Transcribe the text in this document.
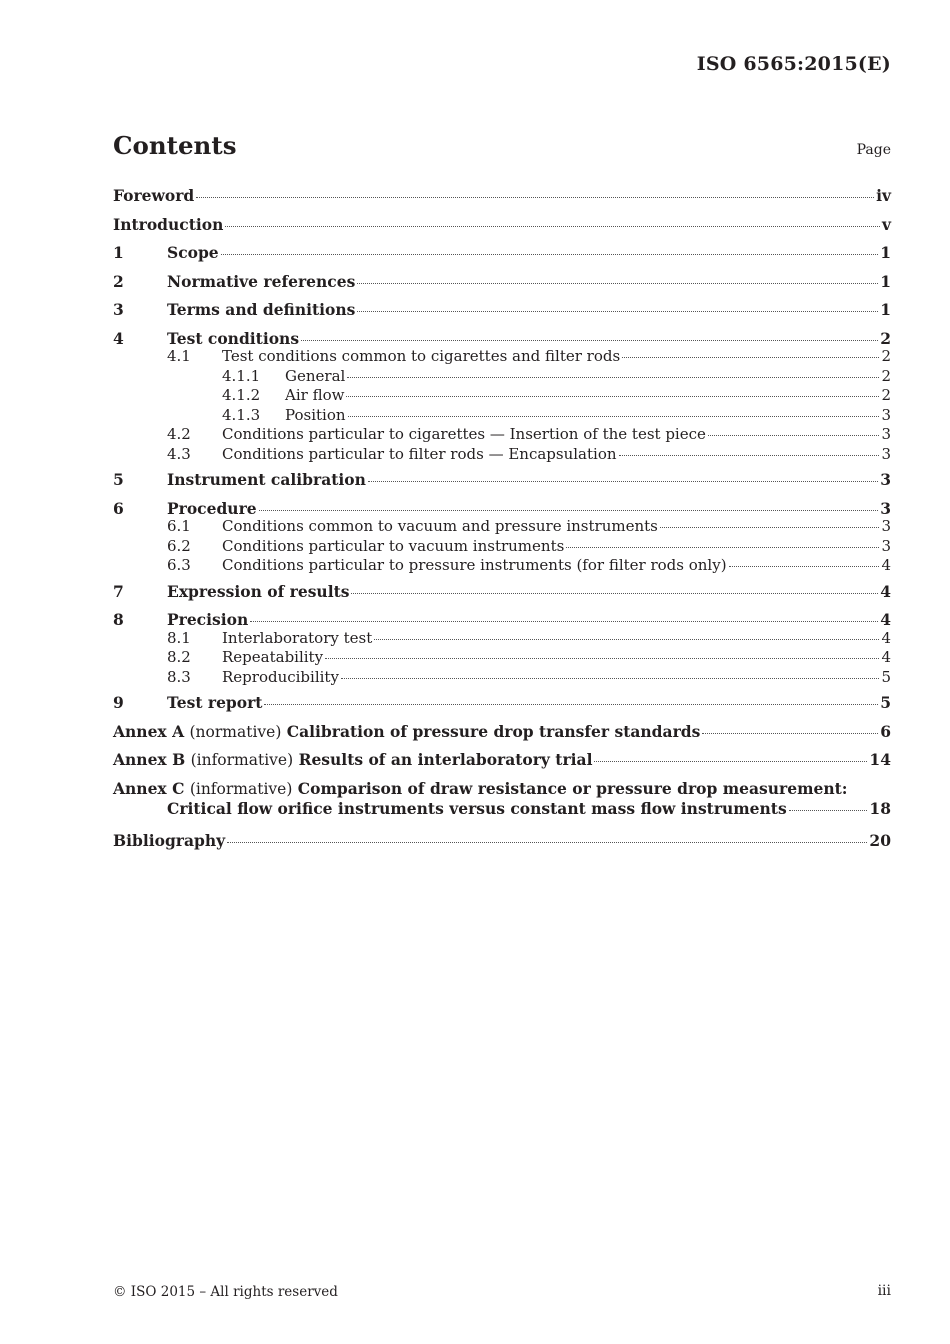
ISO 6565:2015(E)
Contents	Page
Foreword	iv
Introduction	v
1	Scope	1
2	Normative references	1
3	Terms and definitions	1
4	Test conditions	2
4.1	Test conditions common to cigarettes and filter rods	2
4.1.1	General	2
4.1.2	Air flow	2
4.1.3	Position	3
4.2	Conditions particular to cigarettes — Insertion of the test piece	3
4.3	Conditions particular to filter rods — Encapsulation	3
5	Instrument calibration	3
6	Procedure	3
6.1	Conditions common to vacuum and pressure instruments	3
6.2	Conditions particular to vacuum instruments	3
6.3	Conditions particular to pressure instruments (for filter rods only)	4
7	Expression of results	4
8	Precision	4
8.1	Interlaboratory test	4
8.2	Repeatability	4
8.3	Reproducibility	5
9	Test report	5
Annex A (normative) Calibration of pressure drop transfer standards	6
Annex B (informative) Results of an interlaboratory trial	14
Annex C (informative) Comparison of draw resistance or pressure drop measurement:
Critical flow orifice instruments versus constant mass flow instruments	18
Bibliography	20
© ISO 2015 – All rights reserved	iii
